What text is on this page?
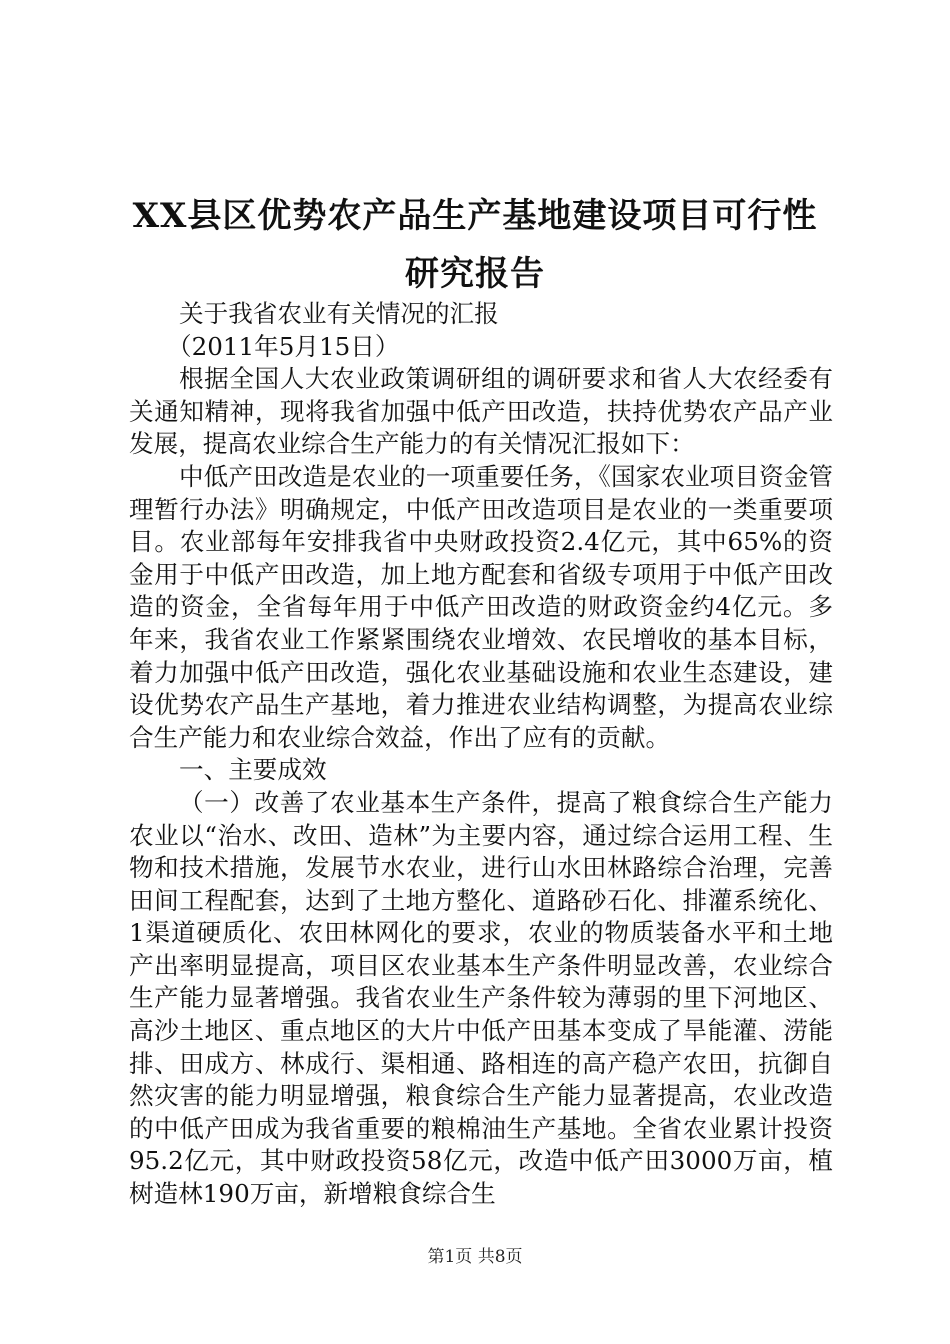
XX县区优势农产品生产基地建设项目可行性
研究报告

关于我省农业有关情况的汇报

（2011年5月15日）

根据全国人大农业政策调研组的调研要求和省人大农经委有关通知精神，现将我省加强中低产田改造，扶持优势农产品产业发展，提高农业综合生产能力的有关情况汇报如下：

中低产田改造是农业的一项重要任务，《国家农业项目资金管理暂行办法》明确规定，中低产田改造项目是农业的一类重要项目。农业部每年安排我省中央财政投资2.4亿元，其中65%的资金用于中低产田改造，加上地方配套和省级专项用于中低产田改造的资金，全省每年用于中低产田改造的财政资金约4亿元。多年来，我省农业工作紧紧围绕农业增效、农民增收的基本目标，着力加强中低产田改造，强化农业基础设施和农业生态建设，建设优势农产品生产基地，着力推进农业结构调整，为提高农业综合生产能力和农业综合效益，作出了应有的贡献。

一、主要成效

（一）改善了农业基本生产条件，提高了粮食综合生产能力农业以“治水、改田、造林”为主要内容，通过综合运用工程、生物和技术措施，发展节水农业，进行山水田林路综合治理，完善田间工程配套，达到了土地方整化、道路砂石化、排灌系统化、1渠道硬质化、农田林网化的要求，农业的物质装备水平和土地产出率明显提高，项目区农业基本生产条件明显改善，农业综合生产能力显著增强。我省农业生产条件较为薄弱的里下河地区、高沙土地区、重点地区的大片中低产田基本变成了旱能灌、涝能排、田成方、林成行、渠相通、路相连的高产稳产农田，抗御自然灾害的能力明显增强，粮食综合生产能力显著提高，农业改造的中低产田成为我省重要的粮棉油生产基地。全省农业累计投资95.2亿元，其中财政投资58亿元，改造中低产田3000万亩，植树造林190万亩，新增粮食综合生

第1页 共8页
